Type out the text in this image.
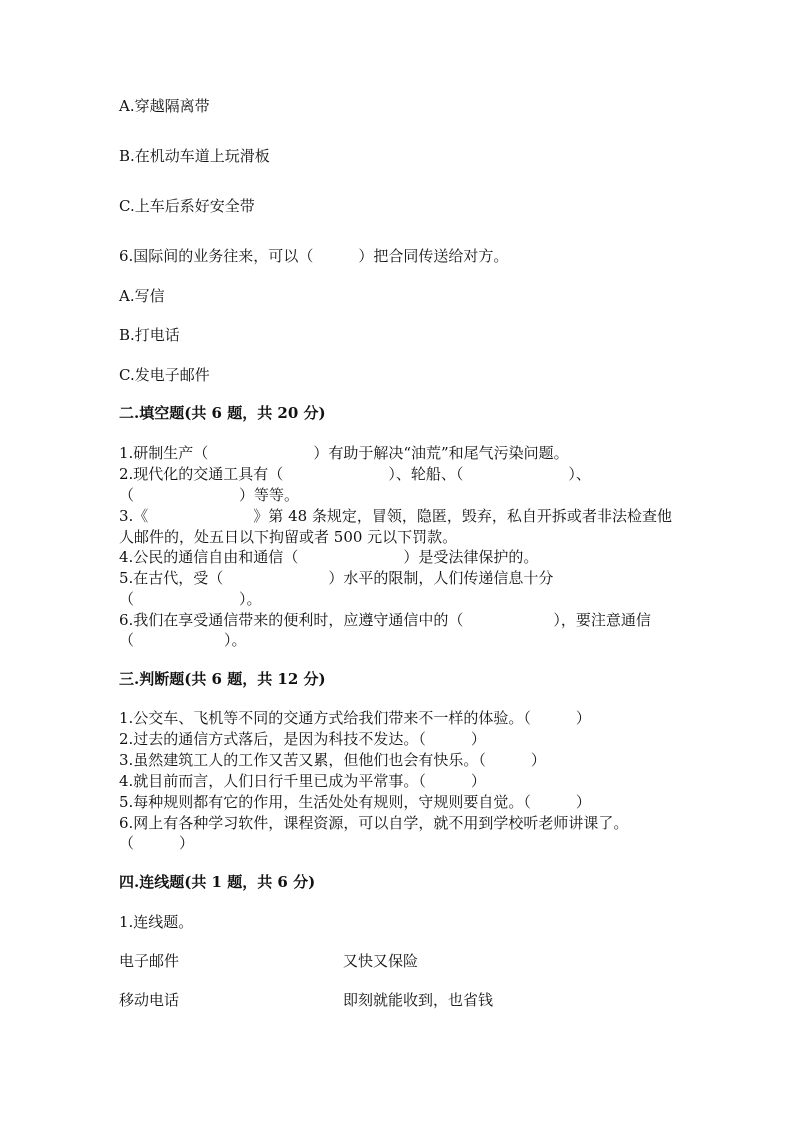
A.穿越隔离带
B.在机动车道上玩滑板
C.上车后系好安全带
6.国际间的业务往来，可以（　　　）把合同传送给对方。
A.写信
B.打电话
C.发电子邮件
二.填空题(共 6 题，共 20 分)
1.研制生产（　　　　　　　）有助于解决“油荒”和尾气污染问题。
2.现代化的交通工具有（　　　　　　　）、轮船、（　　　　　　　）、
（　　　　　　　）等等。
3.《　　　　　　　》第 48 条规定，冒领，隐匿，毁弃，私自开拆或者非法检查他
人邮件的，处五日以下拘留或者 500 元以下罚款。
4.公民的通信自由和通信（　　　　　　　）是受法律保护的。
5.在古代，受（　　　　　　　）水平的限制，人们传递信息十分
（　　　　　　　）。
6.我们在享受通信带来的便利时，应遵守通信中的（　　　　　　），要注意通信
（　　　　　　）。
三.判断题(共 6 题，共 12 分)
1.公交车、飞机等不同的交通方式给我们带来不一样的体验。（　　　）
2.过去的通信方式落后，是因为科技不发达。（　　　）
3.虽然建筑工人的工作又苦又累，但他们也会有快乐。（　　　）
4.就目前而言，人们日行千里已成为平常事。（　　　）
5.每种规则都有它的作用，生活处处有规则，守规则要自觉。（　　　）
6.网上有各种学习软件，课程资源，可以自学，就不用到学校听老师讲课了。
（　　　）
四.连线题(共 1 题，共 6 分)
1.连线题。
电子邮件	又快又保险
移动电话	即刻就能收到，也省钱
